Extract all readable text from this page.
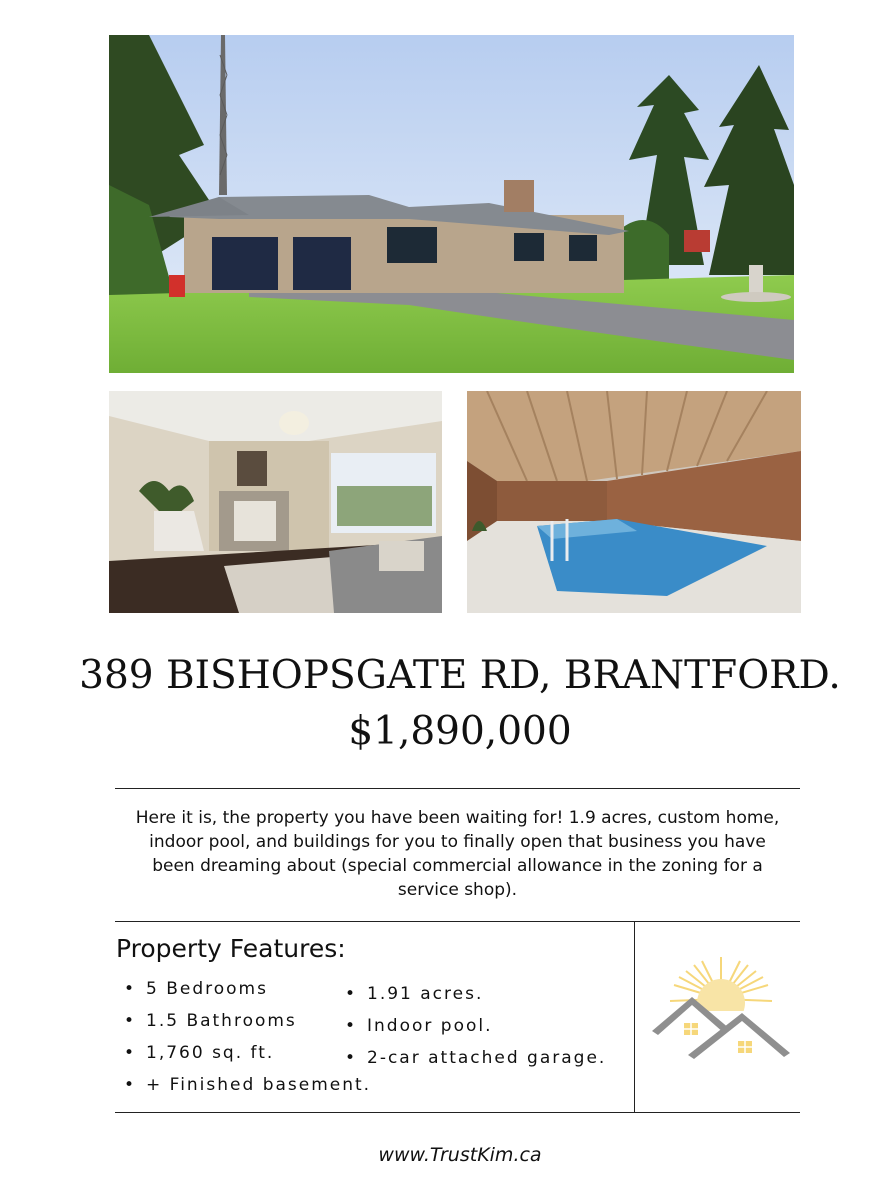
389 BISHOPSGATE RD, BRANTFORD.
$1,890,000
Here it is, the property you have been waiting for! 1.9 acres, custom home, indoor pool, and buildings for you to finally open that business you have been dreaming about (special commercial allowance in the zoning for a service shop).
Property Features:
• 5 Bedrooms
• 1.5 Bathrooms
• 1,760 sq. ft.
• + Finished basement.
• 1.91 acres.
• Indoor pool.
• 2-car attached garage.
www.TrustKim.ca
